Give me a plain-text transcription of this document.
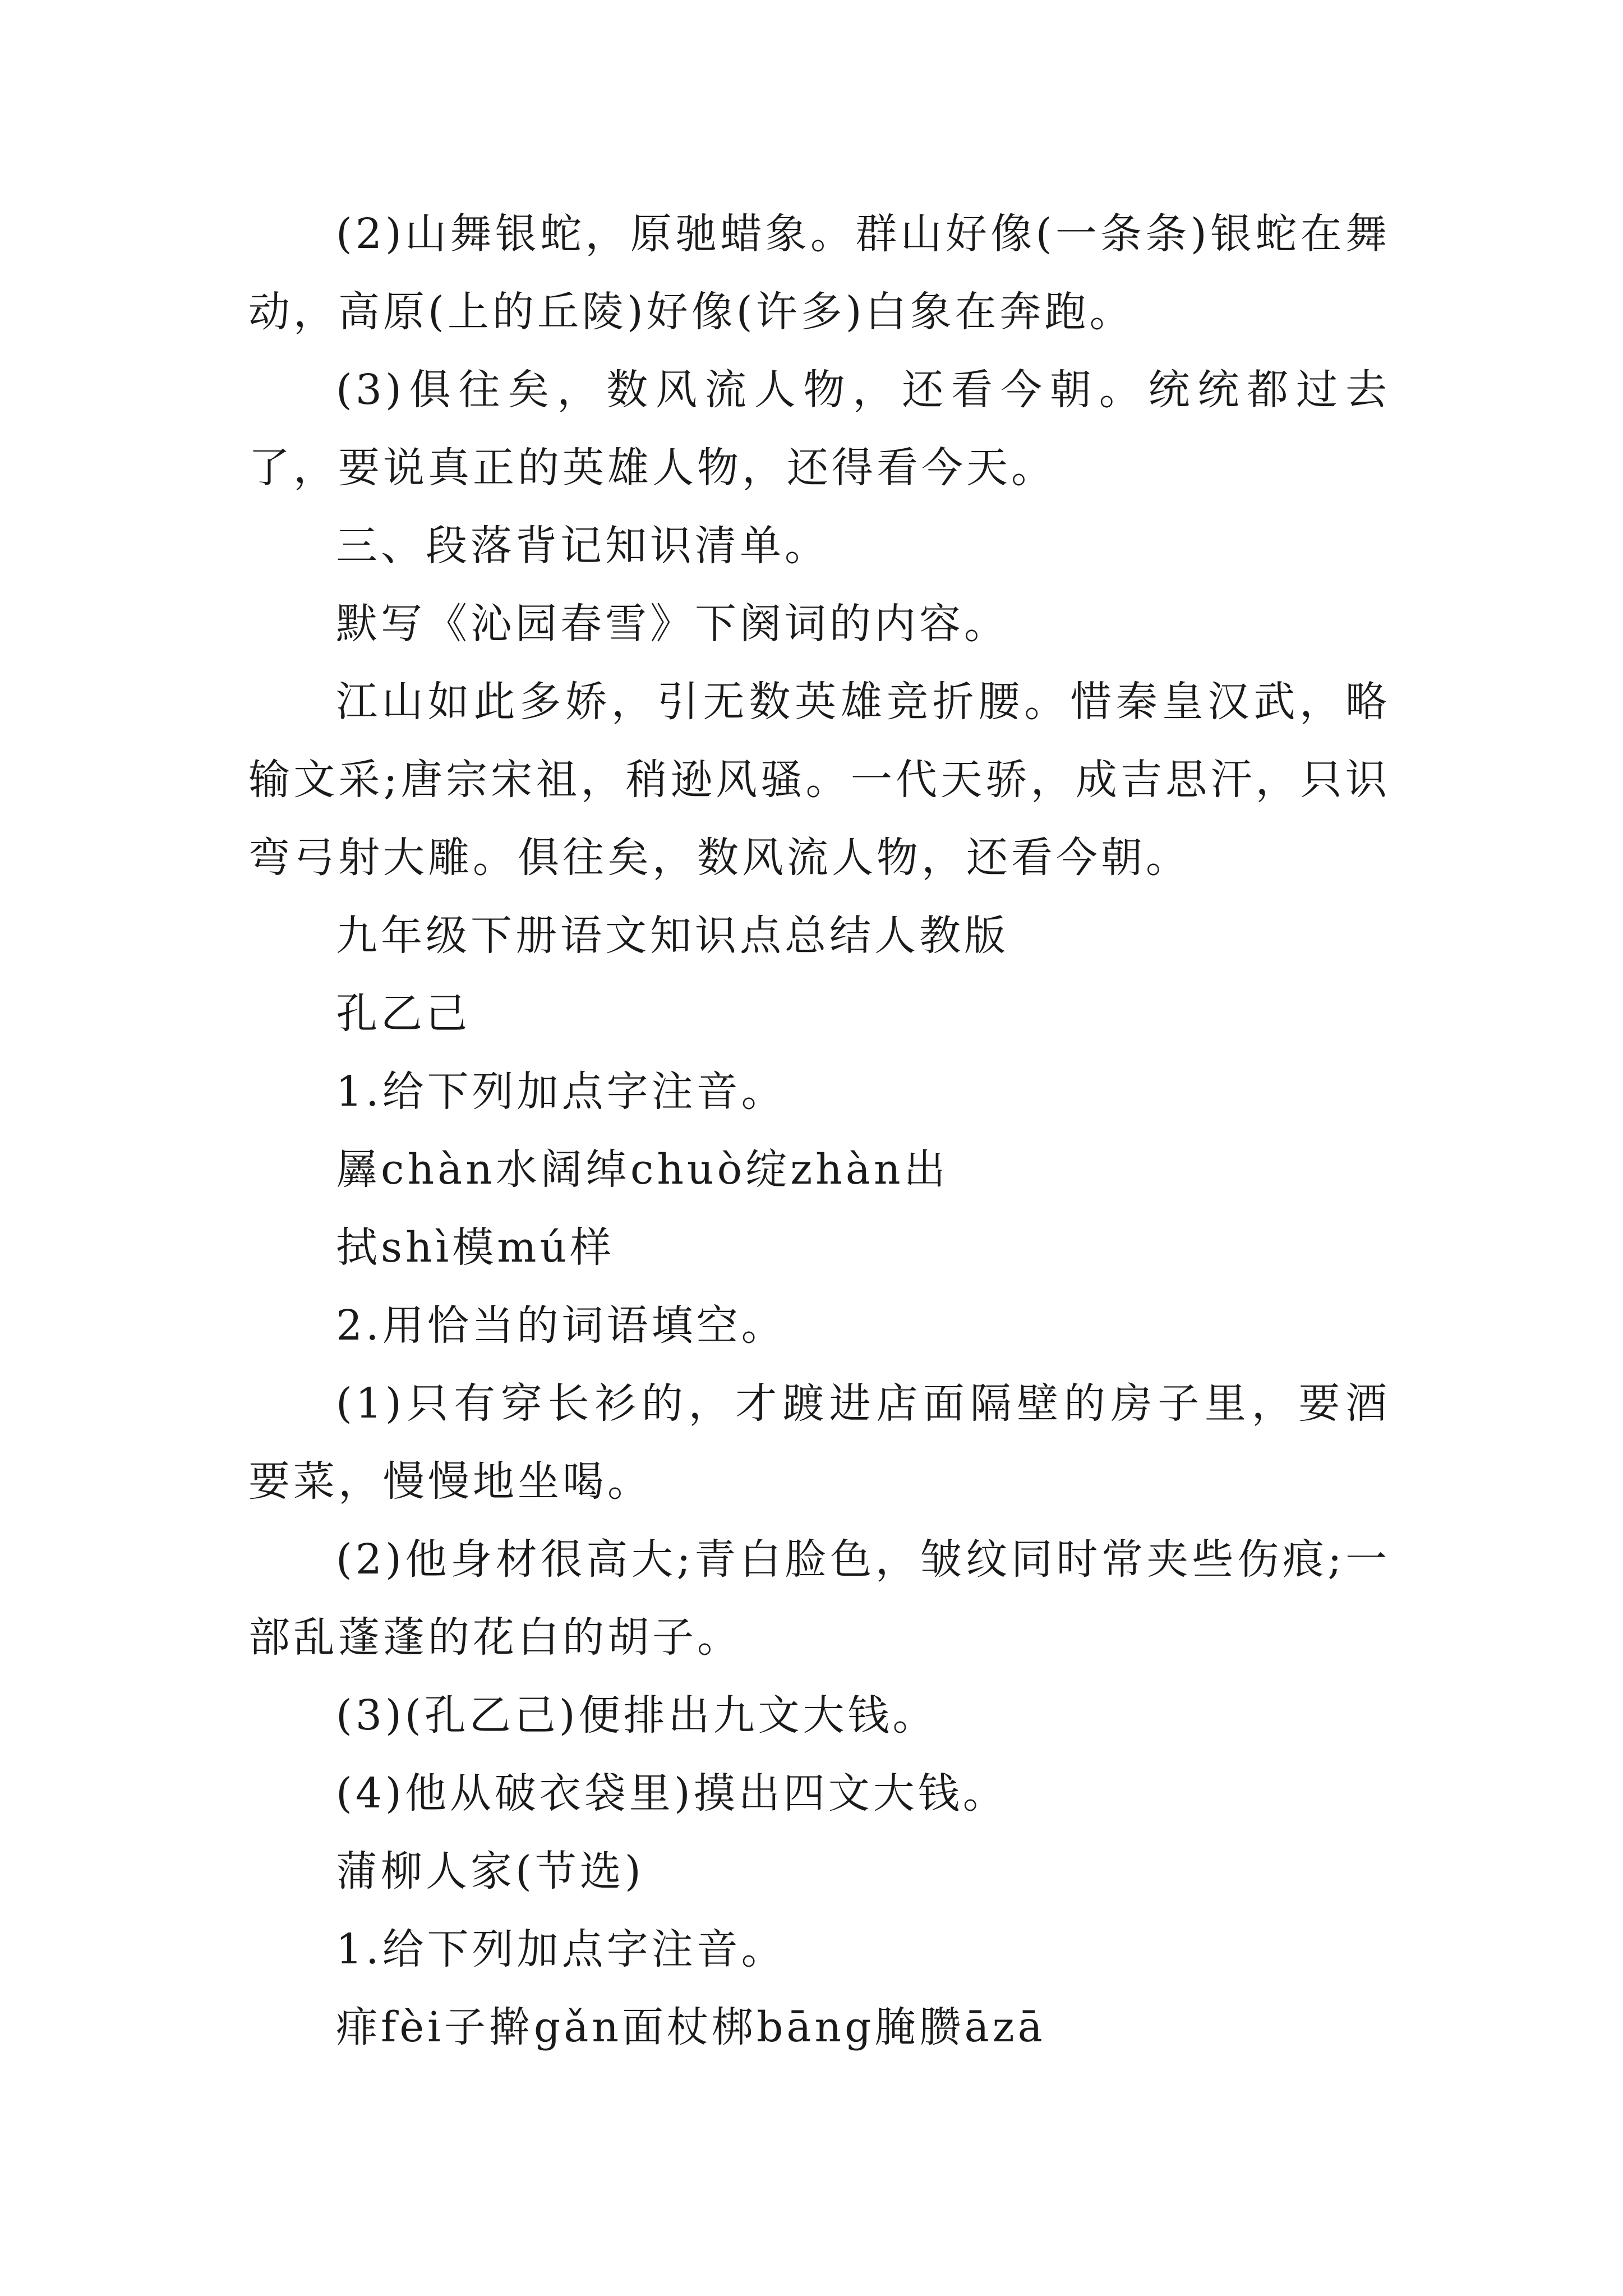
(2)山舞银蛇，原驰蜡象。群山好像(一条条)银蛇在舞动，高原(上的丘陵)好像(许多)白象在奔跑。

(3)俱往矣，数风流人物，还看今朝。统统都过去了，要说真正的英雄人物，还得看今天。

三、段落背记知识清单。

默写《沁园春雪》下阕词的内容。

江山如此多娇，引无数英雄竞折腰。惜秦皇汉武，略输文采;唐宗宋祖，稍逊风骚。一代天骄，成吉思汗，只识弯弓射大雕。俱往矣，数风流人物，还看今朝。

九年级下册语文知识点总结人教版

孔乙己

1.给下列加点字注音。

羼chàn水阔绰chuò绽zhàn出

拭shì模mú样

2.用恰当的词语填空。

(1)只有穿长衫的，才踱进店面隔壁的房子里，要酒要菜，慢慢地坐喝。

(2)他身材很高大;青白脸色，皱纹同时常夹些伤痕;一部乱蓬蓬的花白的胡子。

(3)(孔乙己)便排出九文大钱。

(4)他从破衣袋里)摸出四文大钱。

蒲柳人家(节选)

1.给下列加点字注音。

痱fèi子擀gǎn面杖梆bāng腌臜āzā
